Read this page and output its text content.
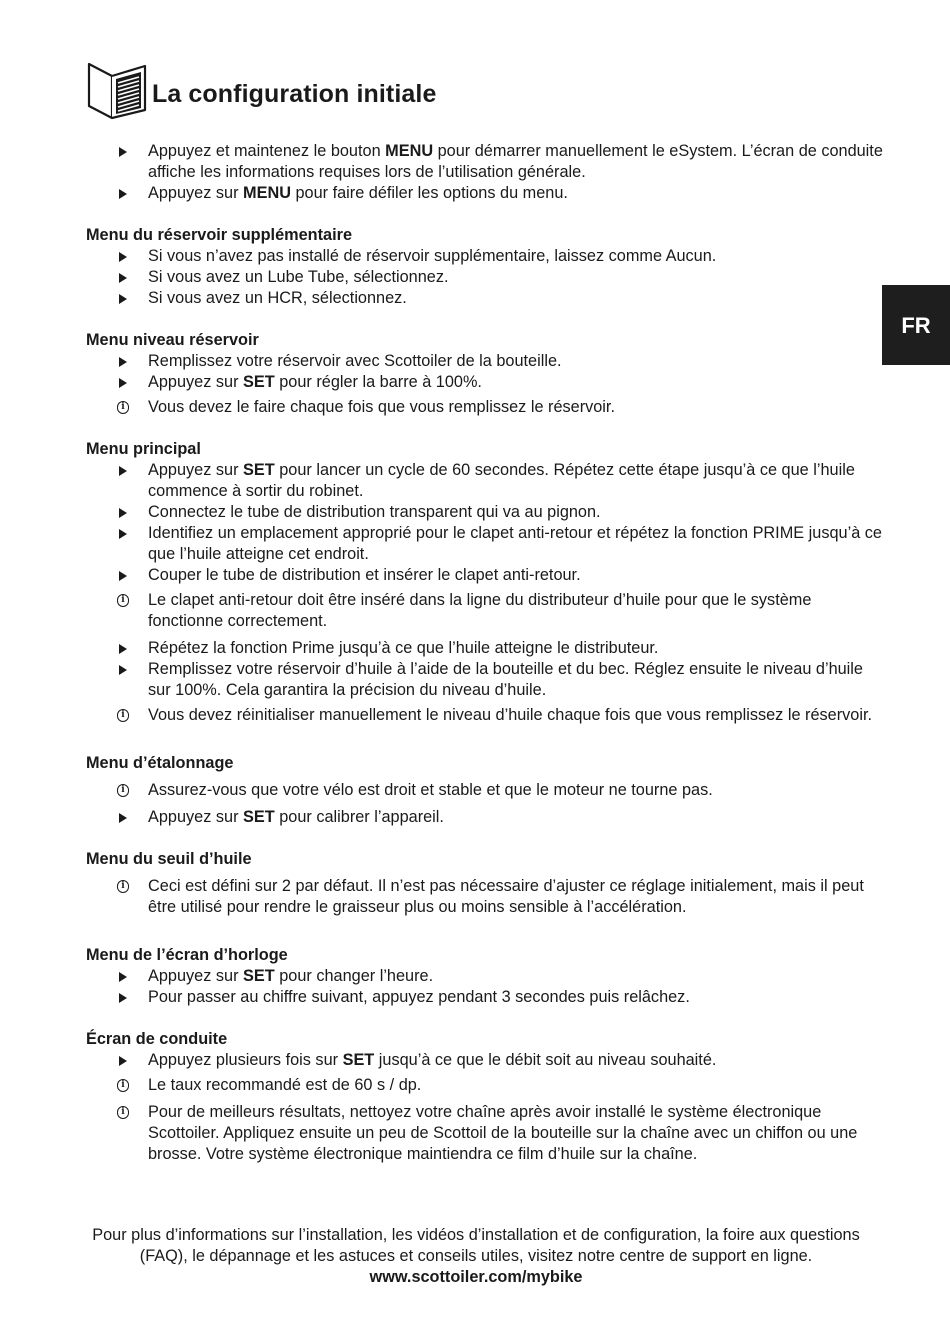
La configuration initiale
FR
Appuyez et maintenez le bouton MENU pour démarrer manuellement le eSystem. L’écran de conduite affiche les informations requises lors de l’utilisation générale.
Appuyez sur MENU pour faire défiler les options du menu.
Menu du réservoir supplémentaire
Si vous n’avez pas installé de réservoir supplémentaire, laissez comme Aucun.
Si vous avez un Lube Tube, sélectionnez.
Si vous avez un HCR, sélectionnez.
Menu niveau réservoir
Remplissez votre réservoir avec Scottoiler de la bouteille.
Appuyez sur SET pour régler la barre à 100%.
i Vous devez le faire chaque fois que vous remplissez le réservoir.
Menu principal
Appuyez sur SET pour lancer un cycle de 60 secondes. Répétez cette étape jusqu’à ce que l’huile commence à sortir du robinet.
Connectez le tube de distribution transparent qui va au pignon.
Identifiez un emplacement approprié pour le clapet anti-retour et répétez la fonction PRIME jusqu’à ce que l’huile atteigne cet endroit.
Couper le tube de distribution et insérer le clapet anti-retour.
i Le clapet anti-retour doit être inséré dans la ligne du distributeur d’huile pour que le système fonctionne correctement.
Répétez la fonction Prime jusqu’à ce que l’huile atteigne le distributeur.
Remplissez votre réservoir d’huile à l’aide de la bouteille et du bec. Réglez ensuite le niveau d’huile sur 100%. Cela garantira la précision du niveau d’huile.
i Vous devez réinitialiser manuellement le niveau d’huile chaque fois que vous remplissez le réservoir.
Menu d’étalonnage
i Assurez-vous que votre vélo est droit et stable et que le moteur ne tourne pas.
Appuyez sur SET pour calibrer l’appareil.
Menu du seuil d’huile
i Ceci est défini sur 2 par défaut. Il n’est pas nécessaire d’ajuster ce réglage initialement, mais il peut être utilisé pour rendre le graisseur plus ou moins sensible à l’accélération.
Menu de l’écran d’horloge
Appuyez sur SET pour changer l’heure.
Pour passer au chiffre suivant, appuyez pendant 3 secondes puis relâchez.
Écran de conduite
Appuyez plusieurs fois sur SET jusqu’à ce que le débit soit au niveau souhaité.
i Le taux recommandé est de 60 s / dp.
i Pour de meilleurs résultats, nettoyez votre chaîne après avoir installé le système électronique Scottoiler. Appliquez ensuite un peu de Scottoil de la bouteille sur la chaîne avec un chiffon ou une brosse. Votre système électronique maintiendra ce film d’huile sur la chaîne.
Pour plus d’informations sur l’installation, les vidéos d’installation et de configuration, la foire aux questions (FAQ), le dépannage et les astuces et conseils utiles, visitez notre centre de support en ligne.
www.scottoiler.com/mybike
